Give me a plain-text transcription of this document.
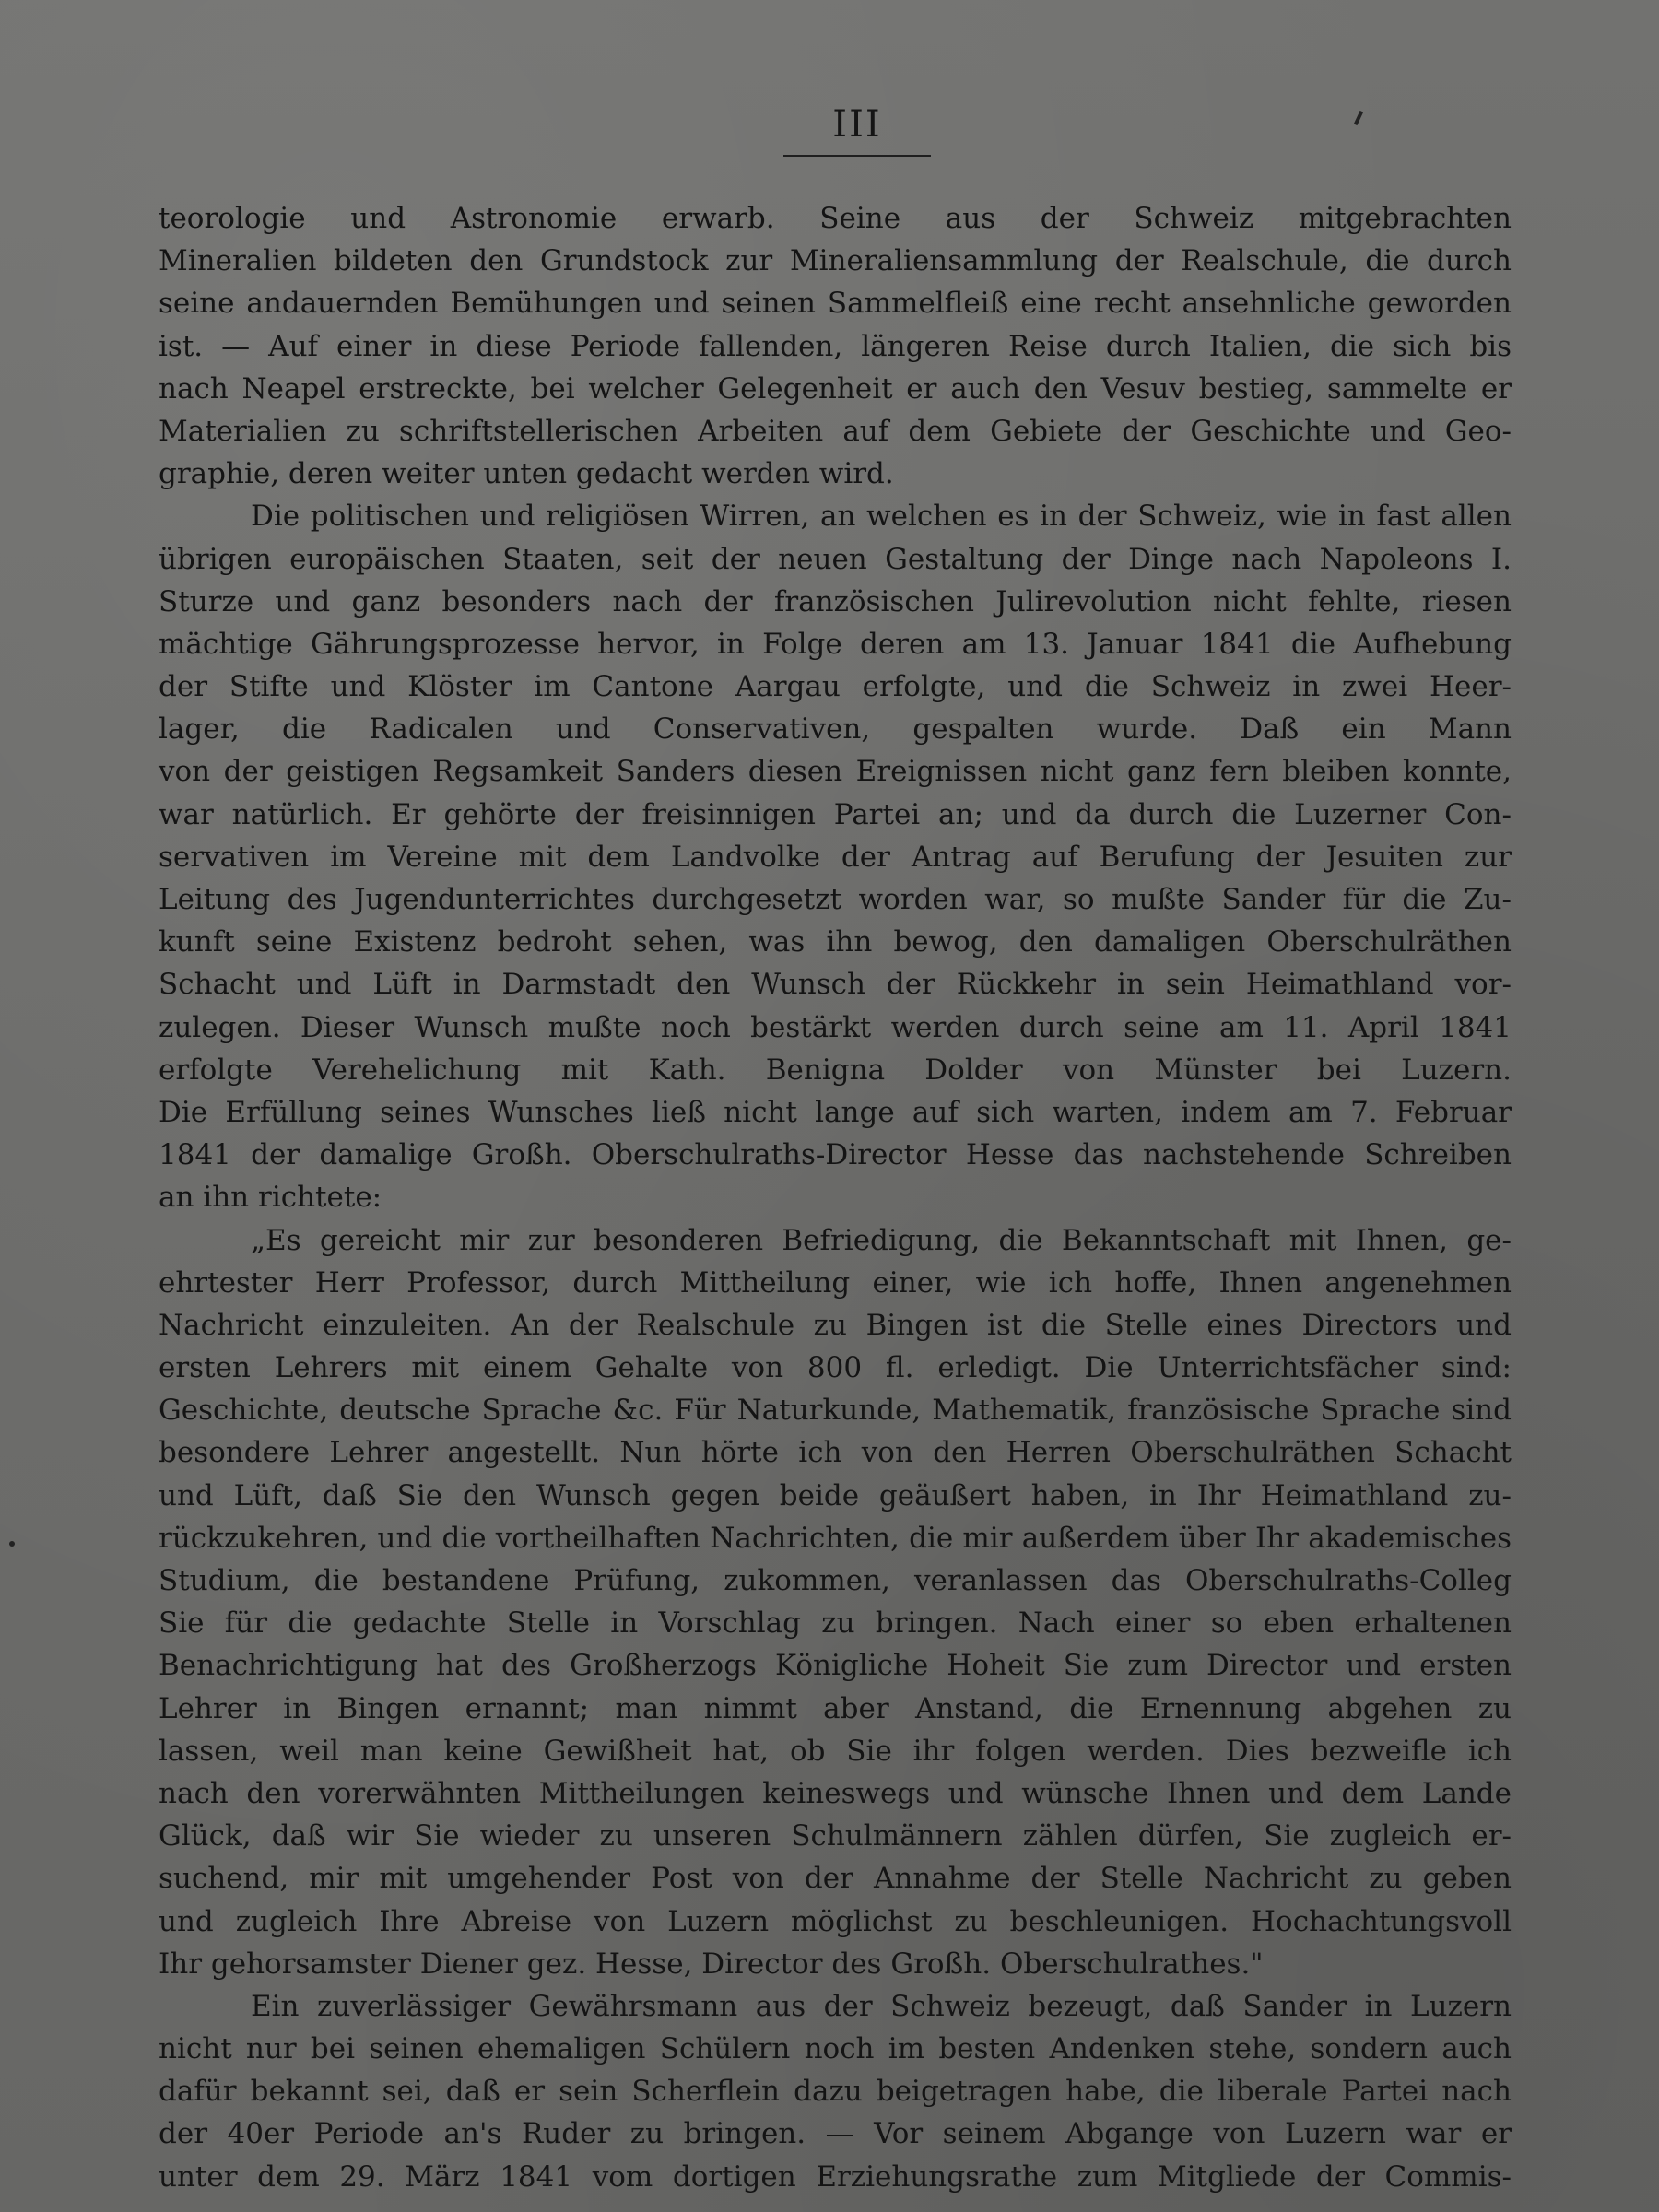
III
teorologie und Astronomie erwarb. Seine aus der Schweiz mitgebrachten
Mineralien bildeten den Grundstock zur Mineraliensammlung der Realschule, die durch
seine andauernden Bemühungen und seinen Sammelfleiß eine recht ansehnliche geworden
ist. — Auf einer in diese Periode fallenden, längeren Reise durch Italien, die sich bis
nach Neapel erstreckte, bei welcher Gelegenheit er auch den Vesuv bestieg, sammelte er
Materialien zu schriftstellerischen Arbeiten auf dem Gebiete der Geschichte und Geo-
graphie, deren weiter unten gedacht werden wird.
Die politischen und religiösen Wirren, an welchen es in der Schweiz, wie in fast allen
übrigen europäischen Staaten, seit der neuen Gestaltung der Dinge nach Napoleons I.
Sturze und ganz besonders nach der französischen Julirevolution nicht fehlte, riesen
mächtige Gährungsprozesse hervor, in Folge deren am 13. Januar 1841 die Aufhebung
der Stifte und Klöster im Cantone Aargau erfolgte, und die Schweiz in zwei Heer-
lager, die Radicalen und Conservativen, gespalten wurde. Daß ein Mann
von der geistigen Regsamkeit Sanders diesen Ereignissen nicht ganz fern bleiben konnte,
war natürlich. Er gehörte der freisinnigen Partei an; und da durch die Luzerner Con-
servativen im Vereine mit dem Landvolke der Antrag auf Berufung der Jesuiten zur
Leitung des Jugendunterrichtes durchgesetzt worden war, so mußte Sander für die Zu-
kunft seine Existenz bedroht sehen, was ihn bewog, den damaligen Oberschulräthen
Schacht und Lüft in Darmstadt den Wunsch der Rückkehr in sein Heimathland vor-
zulegen. Dieser Wunsch mußte noch bestärkt werden durch seine am 11. April 1841
erfolgte Verehelichung mit Kath. Benigna Dolder von Münster bei Luzern.
Die Erfüllung seines Wunsches ließ nicht lange auf sich warten, indem am 7. Februar
1841 der damalige Großh. Oberschulraths-Director Hesse das nachstehende Schreiben
an ihn richtete:
„Es gereicht mir zur besonderen Befriedigung, die Bekanntschaft mit Ihnen, ge-
ehrtester Herr Professor, durch Mittheilung einer, wie ich hoffe, Ihnen angenehmen
Nachricht einzuleiten. An der Realschule zu Bingen ist die Stelle eines Directors und
ersten Lehrers mit einem Gehalte von 800 fl. erledigt. Die Unterrichtsfächer sind:
Geschichte, deutsche Sprache &c. Für Naturkunde, Mathematik, französische Sprache sind
besondere Lehrer angestellt. Nun hörte ich von den Herren Oberschulräthen Schacht
und Lüft, daß Sie den Wunsch gegen beide geäußert haben, in Ihr Heimathland zu-
rückzukehren, und die vortheilhaften Nachrichten, die mir außerdem über Ihr akademisches
Studium, die bestandene Prüfung, zukommen, veranlassen das Oberschulraths-Colleg
Sie für die gedachte Stelle in Vorschlag zu bringen. Nach einer so eben erhaltenen
Benachrichtigung hat des Großherzogs Königliche Hoheit Sie zum Director und ersten
Lehrer in Bingen ernannt; man nimmt aber Anstand, die Ernennung abgehen zu
lassen, weil man keine Gewißheit hat, ob Sie ihr folgen werden. Dies bezweifle ich
nach den vorerwähnten Mittheilungen keineswegs und wünsche Ihnen und dem Lande
Glück, daß wir Sie wieder zu unseren Schulmännern zählen dürfen, Sie zugleich er-
suchend, mir mit umgehender Post von der Annahme der Stelle Nachricht zu geben
und zugleich Ihre Abreise von Luzern möglichst zu beschleunigen. Hochachtungsvoll
Ihr gehorsamster Diener gez. Hesse, Director des Großh. Oberschulrathes."
Ein zuverlässiger Gewährsmann aus der Schweiz bezeugt, daß Sander in Luzern
nicht nur bei seinen ehemaligen Schülern noch im besten Andenken stehe, sondern auch
dafür bekannt sei, daß er sein Scherflein dazu beigetragen habe, die liberale Partei nach
der 40er Periode an's Ruder zu bringen. — Vor seinem Abgange von Luzern war er
unter dem 29. März 1841 vom dortigen Erziehungsrathe zum Mitgliede der Commis-
